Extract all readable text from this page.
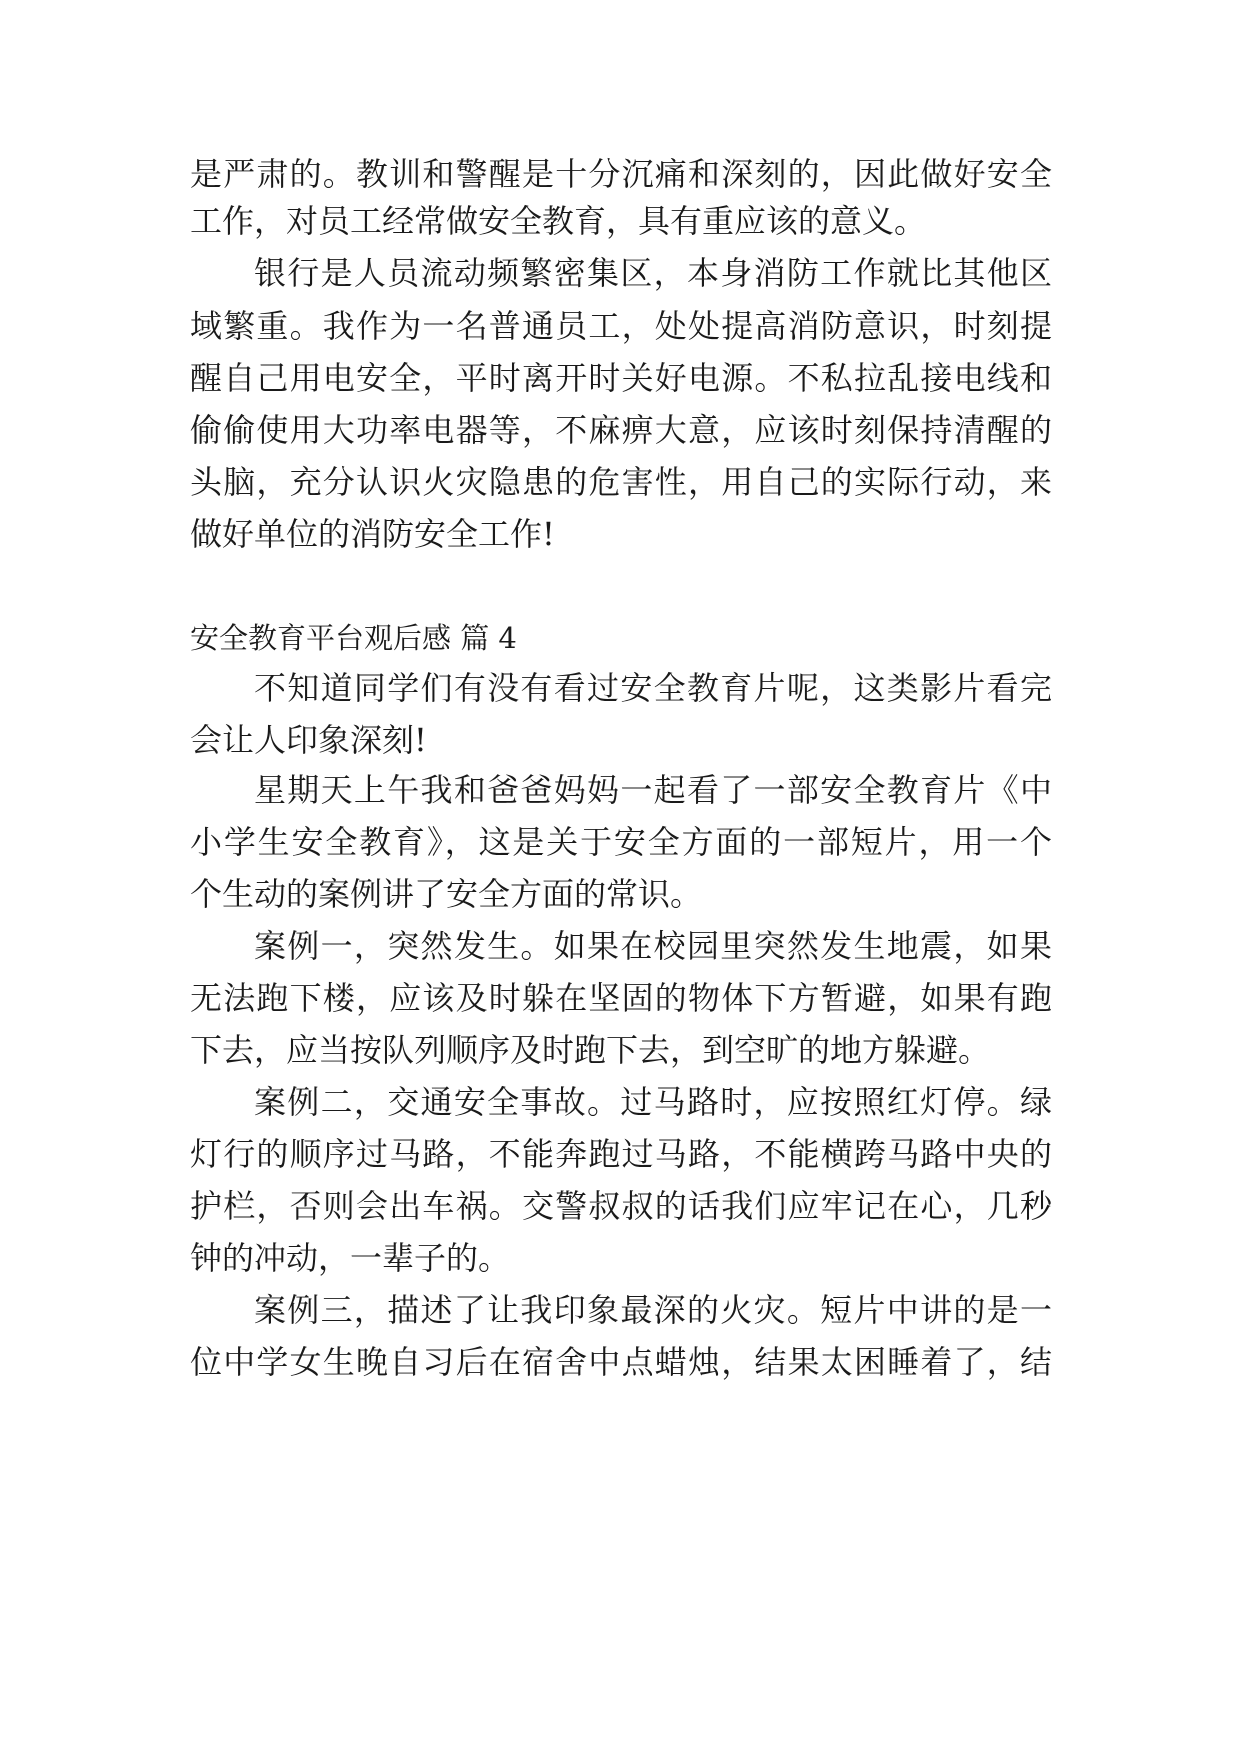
是严肃的。教训和警醒是十分沉痛和深刻的，因此做好安全
工作，对员工经常做安全教育，具有重应该的意义。
银行是人员流动频繁密集区，本身消防工作就比其他区
域繁重。我作为一名普通员工，处处提高消防意识，时刻提
醒自己用电安全，平时离开时关好电源。不私拉乱接电线和
偷偷使用大功率电器等，不麻痹大意，应该时刻保持清醒的
头脑，充分认识火灾隐患的危害性，用自己的实际行动，来
做好单位的消防安全工作!
安全教育平台观后感 篇 4
不知道同学们有没有看过安全教育片呢，这类影片看完
会让人印象深刻!
星期天上午我和爸爸妈妈一起看了一部安全教育片《中
小学生安全教育》，这是关于安全方面的一部短片，用一个
个生动的案例讲了安全方面的常识。
案例一，突然发生。如果在校园里突然发生地震，如果
无法跑下楼，应该及时躲在坚固的物体下方暂避，如果有跑
下去，应当按队列顺序及时跑下去，到空旷的地方躲避。
案例二，交通安全事故。过马路时，应按照红灯停。绿
灯行的顺序过马路，不能奔跑过马路，不能横跨马路中央的
护栏，否则会出车祸。交警叔叔的话我们应牢记在心，几秒
钟的冲动，一辈子的。
案例三，描述了让我印象最深的火灾。短片中讲的是一
位中学女生晚自习后在宿舍中点蜡烛，结果太困睡着了，结
